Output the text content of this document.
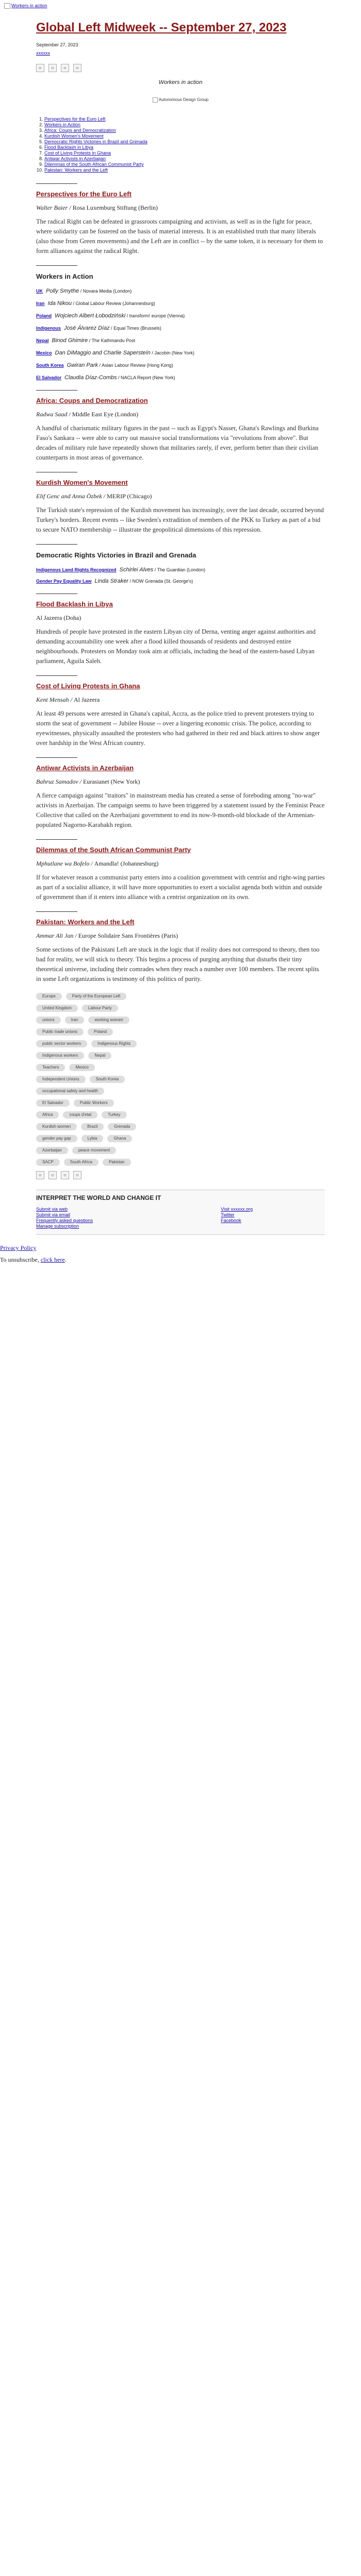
Workers in action
Global Left Midweek -- September 27, 2023
September 27, 2023
xxxxxx
▫	▫	▫	▫
Workers in action
Autonomous Design Group
1. Perspectives for the Euro Left
2. Workers in Action
3. Africa: Coups and Democratization
4. Kurdish Women's Movement
5. Democratic Rights Victories in Brazil and Grenada
6. Flood Backlash in Libya
7. Cost of Living Protests in Ghana
8. Antiwar Activists in Azerbaijan
9. Dilemmas of the South African Communist Party
10. Pakistan: Workers and the Left
Perspectives for the Euro Left
Walter Baier / Rosa Luxemburg Stiftung (Berlin)

The radical Right can be defeated in grassroots campaigning and activism, as well as in the fight for peace, where solidarity can be fostered on the basis of material interests. It is an established truth that many liberals (also those from Green movements) and the Left are in conflict -- by the same token, it is necessary for them to form alliances against the radical Right.

Workers in Action
UK Polly Smythe / Novara Media (London)
Iran Ida Nikou / Global Labour Review (Johannesburg)
Poland Wojciech Albert Łobodziński / transform! europe (Vienna)
Indigenous José Álvarez Díaz / Equal Times (Brussels)
Nepal Binod Ghimire / The Kathmandu Post
Mexico Dan DiMaggio and Charlie Sapersteín / Jacobin (New York)
South Korea Gwiran Park / Asian Labour Review (Hong Kong)
El Salvador Claudia Díaz-Combs / NACLA Report (New York)
Africa: Coups and Democratization
Radwa Saad / Middle East Eye (London)

A handful of charismatic military figures in the past -- such as Egypt's Nasser, Ghana's Rawlings and Burkina Faso's Sankara -- were able to carry out massive social transformations via "revolutions from above". But decades of military rule have repeatedly shown that militaries rarely, if ever, perform better than their civilian counterparts in most areas of governance.

Kurdish Women's Movement
Elif Genc and Anna Özbek / MERIP (Chicago)

The Turkish state's repression of the Kurdish movement has increasingly, over the last decade, occurred beyond Turkey's borders. Recent events -- like Sweden's extradition of members of the PKK to Turkey as part of a bid to secure NATO membership -- illustrate the geopolitical dimensions of this repression.

Democratic Rights Victories in Brazil and Grenada
Indigenous Land Rights Recognized Schirlei Alves / The Guardian (London)
Gender Pay Equality Law Linda Straker / NOW Grenada (St. George's)
Flood Backlash in Libya
Al Jazeera (Doha)

Hundreds of people have protested in the eastern Libyan city of Derna, venting anger against authorities and demanding accountability one week after a flood killed thousands of residents and destroyed entire neighbourhoods. Protesters on Monday took aim at officials, including the head of the eastern-based Libyan parliament, Aguila Saleh.

Cost of Living Protests in Ghana
Kent Mensah / Al Jazeera

At least 49 persons were arrested in Ghana's capital, Accra, as the police tried to prevent protesters trying to storm the seat of government -- Jubilee House -- over a lingering economic crisis. The police, according to eyewitnesses, physically assaulted the protesters who had gathered in their red and black attires to show anger over hardship in the West African country.

Antiwar Activists in Azerbaijan
Bahruz Samadov / Eurasianet (New York)

A fierce campaign against "traitors" in mainstream media has created a sense of foreboding among "no-war" activists in Azerbaijan. The campaign seems to have been triggered by a statement issued by the Feminist Peace Collective that called on the Azerbaijani government to end its now-9-month-old blockade of the Armenian-populated Nagorno-Karabakh region.

Dilemmas of the South African Communist Party
Mphutlane wa Bofelo / Amandla! (Johannesburg)

If for whatever reason a communist party enters into a coalition government with centrist and right-wing parties as part of a socialist alliance, it will have more opportunities to exert a socialist agenda both within and outside of government than if it enters into alliance with a centrist organization on its own.

Pakistan: Workers and the Left
Ammar Ali Jan / Europe Solidaire Sans Frontières (Paris)

Some sections of the Pakistani Left are stuck in the logic that if reality does not correspond to theory, then too bad for reality, we will stick to theory. This begins a process of purging anything that disturbs their tiny theoretical universe, including their comrades when they reach a number over 100 members. The recent splits in some Left organizations is testimony of this politics of purity.

Europe	Party of the European Left
United Kingdom	Labour Party
unions	Iran	working women
Public trade unions	Poland
public sector workers	Indigenous Rights
Indigenous workers	Nepal
Teachers	Mexico
Independent Unions	South Korea
occupational safety and health
El Salvador	Public Workers
Africa	coups d'etat	Turkey
Kurdish women	Brazil	Grenada
gender pay gap	Lybia	Ghana
Azerbaijan	peace movement
SACP	South Africa	Pakistan
▫	▫	▫	▫
INTERPRET THE WORLD AND CHANGE IT
Submit via web
Submit via email
Frequently asked questions
Manage subscription
Visit xxxxxx.org
Twitter
Facebook

Privacy Policy

To unsubscribe, click here.
